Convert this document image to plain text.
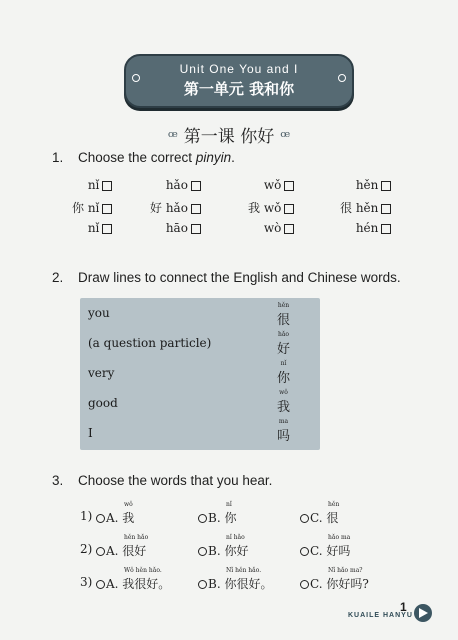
Unit One You and I
第一单元 我和你
ꟹ 第一课 你好 ꟹ
1. Choose the correct pinyin.
nǐ	hǎo	wǒ	hěn
你 nǐ	好 hǎo	我 wǒ	很 hěn
nǐ	hāo	wò	hén
2. Draw lines to connect the English and Chinese words.
you
(a question particle)
very
good
I
hěn
很
hǎo
好
nǐ
你
wǒ
我
ma
吗
3. Choose the words that you hear.
1)	A. 我
wǒ
B. 你
nǐ
C. 很
hěn
2)	A. 很好
hěn hǎo
B. 你好
nǐ hǎo
C. 好吗
hǎo ma
3)	A. 我很好。
Wǒ hěn hǎo.
B. 你很好。
Nǐ hěn hǎo.
C. 你好吗?
Nǐ hǎo ma?
1
KUAILE HANYU
